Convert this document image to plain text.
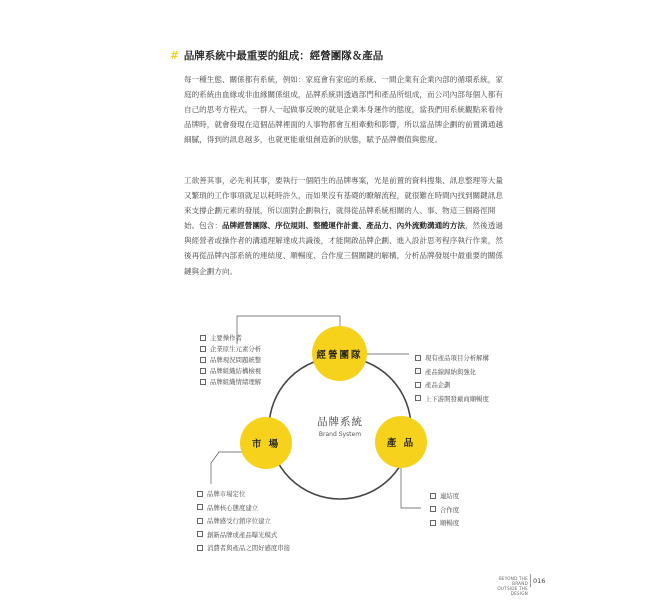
# 品牌系統中最重要的組成：經營團隊＆產品

每一種生態、關係都有系統，例如：家庭會有家庭的系統、一間企業有企業內部的循環系統，家庭的系統由血緣或非血緣關係組成，品牌系統則透過部門和產品所組成，而公司內部每個人都有自己的思考方程式，一群人一起做事反映的就是企業本身運作的態度，當我們用系統觀點來看待品牌時，就會發現在這個品牌裡面的人事物都會互相牽動和影響，所以當品牌企劃的前置溝通越細膩，得到的訊息越多，也就更能重組創造新的狀態，賦予品牌價值與態度。

工欲善其事，必先利其事，要執行一個陌生的品牌專案，光是前置的資料搜集、訊息整理等大量又繁瑣的工作事項就足以耗時許久，而如果沒有基礎的瞭解流程，就很難在時間內找到關鍵訊息來支撐企劃元素的發展，所以面對企劃執行，就得從品牌系統相關的人、事、物這三個路徑開始。包含：品牌經營團隊、序位規則、整體運作計畫、產品力、內外流動溝通的方法，然後透過與經營者或操作者的溝通理解達成共識後，才能開啟品牌企劃、進入設計思考程序執行作業，然後再從品牌內部系統的連結度、順暢度、合作度三個關鍵的解構，分析品牌發展中最重要的關係鏈與企劃方向。

經營團隊
市 場	產 品
品牌系統
Brand System
主要操作者
企業原生元素分析
品牌現況問題統整
品牌組織結構檢視
品牌組織情緒理解
現有產品項目分析解構
產品線歸納與強化
產品企劃
上下游開發廠商順暢度
品牌市場定位
品牌核心態度建立
品牌感受行銷序位建立
創新品牌或產品曝光模式
消費者與產品之間好感度串接
連結度
合作度
順暢度
BEYOND THE BRAND
OUTSIDE THE DESIGN
016
